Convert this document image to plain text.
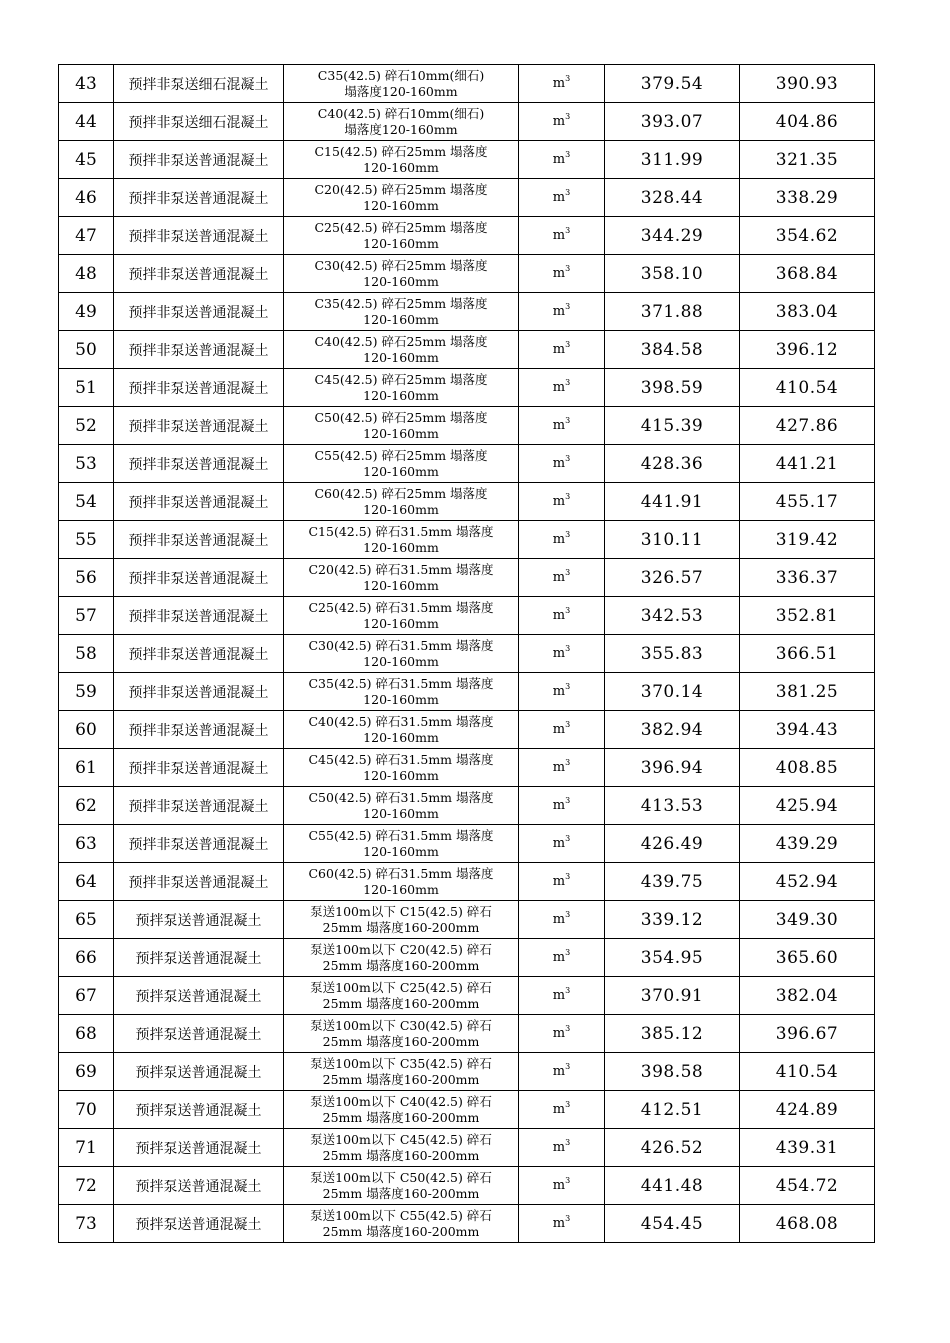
43	预拌非泵送细石混凝土	C35(42.5) 碎石10mm(细石)
塌落度120-160mm	$m^3$	379.54	390.93
44	预拌非泵送细石混凝土	C40(42.5) 碎石10mm(细石)
塌落度120-160mm	$m^3$	393.07	404.86
45	预拌非泵送普通混凝土	C15(42.5) 碎石25mm 塌落度
120-160mm	$m^3$	311.99	321.35
46	预拌非泵送普通混凝土	C20(42.5) 碎石25mm 塌落度
120-160mm	$m^3$	328.44	338.29
47	预拌非泵送普通混凝土	C25(42.5) 碎石25mm 塌落度
120-160mm	$m^3$	344.29	354.62
48	预拌非泵送普通混凝土	C30(42.5) 碎石25mm 塌落度
120-160mm	$m^3$	358.10	368.84
49	预拌非泵送普通混凝土	C35(42.5) 碎石25mm 塌落度
120-160mm	$m^3$	371.88	383.04
50	预拌非泵送普通混凝土	C40(42.5) 碎石25mm 塌落度
120-160mm	$m^3$	384.58	396.12
51	预拌非泵送普通混凝土	C45(42.5) 碎石25mm 塌落度
120-160mm	$m^3$	398.59	410.54
52	预拌非泵送普通混凝土	C50(42.5) 碎石25mm 塌落度
120-160mm	$m^3$	415.39	427.86
53	预拌非泵送普通混凝土	C55(42.5) 碎石25mm 塌落度
120-160mm	$m^3$	428.36	441.21
54	预拌非泵送普通混凝土	C60(42.5) 碎石25mm 塌落度
120-160mm	$m^3$	441.91	455.17
55	预拌非泵送普通混凝土	C15(42.5) 碎石31.5mm 塌落度
120-160mm	$m^3$	310.11	319.42
56	预拌非泵送普通混凝土	C20(42.5) 碎石31.5mm 塌落度
120-160mm	$m^3$	326.57	336.37
57	预拌非泵送普通混凝土	C25(42.5) 碎石31.5mm 塌落度
120-160mm	$m^3$	342.53	352.81
58	预拌非泵送普通混凝土	C30(42.5) 碎石31.5mm 塌落度
120-160mm	$m^3$	355.83	366.51
59	预拌非泵送普通混凝土	C35(42.5) 碎石31.5mm 塌落度
120-160mm	$m^3$	370.14	381.25
60	预拌非泵送普通混凝土	C40(42.5) 碎石31.5mm 塌落度
120-160mm	$m^3$	382.94	394.43
61	预拌非泵送普通混凝土	C45(42.5) 碎石31.5mm 塌落度
120-160mm	$m^3$	396.94	408.85
62	预拌非泵送普通混凝土	C50(42.5) 碎石31.5mm 塌落度
120-160mm	$m^3$	413.53	425.94
63	预拌非泵送普通混凝土	C55(42.5) 碎石31.5mm 塌落度
120-160mm	$m^3$	426.49	439.29
64	预拌非泵送普通混凝土	C60(42.5) 碎石31.5mm 塌落度
120-160mm	$m^3$	439.75	452.94
65	预拌泵送普通混凝土	泵送100m以下 C15(42.5) 碎石
25mm 塌落度160-200mm	$m^3$	339.12	349.30
66	预拌泵送普通混凝土	泵送100m以下 C20(42.5) 碎石
25mm 塌落度160-200mm	$m^3$	354.95	365.60
67	预拌泵送普通混凝土	泵送100m以下 C25(42.5) 碎石
25mm 塌落度160-200mm	$m^3$	370.91	382.04
68	预拌泵送普通混凝土	泵送100m以下 C30(42.5) 碎石
25mm 塌落度160-200mm	$m^3$	385.12	396.67
69	预拌泵送普通混凝土	泵送100m以下 C35(42.5) 碎石
25mm 塌落度160-200mm	$m^3$	398.58	410.54
70	预拌泵送普通混凝土	泵送100m以下 C40(42.5) 碎石
25mm 塌落度160-200mm	$m^3$	412.51	424.89
71	预拌泵送普通混凝土	泵送100m以下 C45(42.5) 碎石
25mm 塌落度160-200mm	$m^3$	426.52	439.31
72	预拌泵送普通混凝土	泵送100m以下 C50(42.5) 碎石
25mm 塌落度160-200mm	$m^3$	441.48	454.72
73	预拌泵送普通混凝土	泵送100m以下 C55(42.5) 碎石
25mm 塌落度160-200mm	$m^3$	454.45	468.08
